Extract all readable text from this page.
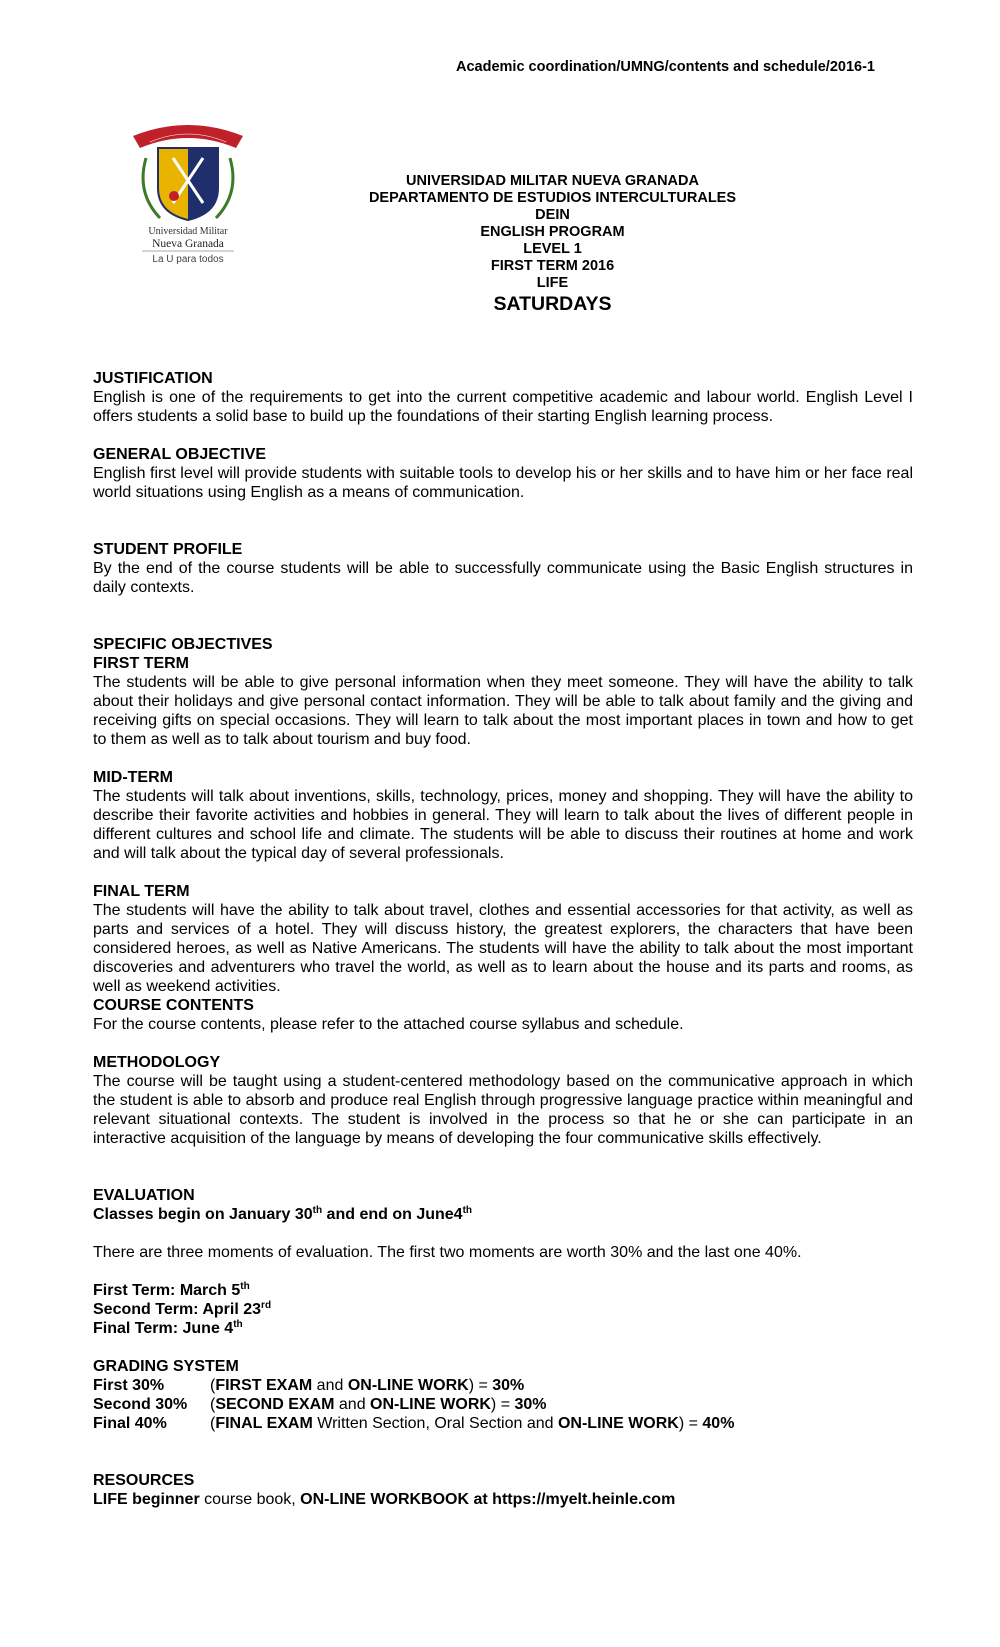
Academic coordination/UMNG/contents and schedule/2016-1
Universidad Militar
Nueva Granada
La U para todos
UNIVERSIDAD MILITAR NUEVA GRANADA
DEPARTAMENTO DE ESTUDIOS INTERCULTURALES
DEIN
ENGLISH PROGRAM
LEVEL 1
FIRST TERM 2016
LIFE
SATURDAYS
JUSTIFICATION

English is one of the requirements to get into the current competitive academic and labour world. English Level I offers students a solid base to build up the foundations of their starting English learning process.

GENERAL OBJECTIVE

English first level will provide students with suitable tools to develop his or her skills and to have him or her face real world situations using English as a means of communication.

STUDENT PROFILE

By the end of the course students will be able to successfully communicate using the Basic English structures in daily contexts.

SPECIFIC OBJECTIVES
FIRST TERM

The students will be able to give personal information when they meet someone. They will have the ability to talk about their holidays and give personal contact information. They will be able to talk about family and the giving and receiving gifts on special occasions. They will learn to talk about the most important places in town and how to get to them as well as to talk about tourism and buy food.

MID-TERM

The students will talk about inventions, skills, technology, prices, money and shopping. They will have the ability to describe their favorite activities and hobbies in general. They will learn to talk about the lives of different people in different cultures and school life and climate. The students will be able to discuss their routines at home and work and will talk about the typical day of several professionals.

FINAL TERM

The students will have the ability to talk about travel, clothes and essential accessories for that activity, as well as parts and services of a hotel. They will discuss history, the greatest explorers, the characters that have been considered heroes, as well as Native Americans. The students will have the ability to talk about the most important discoveries and adventurers who travel the world, as well as to learn about the house and its parts and rooms, as well as weekend activities.

COURSE CONTENTS

For the course contents, please refer to the attached course syllabus and schedule.

METHODOLOGY

The course will be taught using a student-centered methodology based on the communicative approach in which the student is able to absorb and produce real English through progressive language practice within meaningful and relevant situational contexts. The student is involved in the process so that he or she can participate in an interactive acquisition of the language by means of developing the four communicative skills effectively.

EVALUATION
Classes begin on January 30th and end on June4th

There are three moments of evaluation. The first two moments are worth 30% and the last one 40%.

First Term: March 5th
Second Term: April 23rd
Final Term: June 4th
GRADING SYSTEM
First 30%	(FIRST EXAM and ON-LINE WORK) = 30%
Second 30%	(SECOND EXAM and ON-LINE WORK) = 30%
Final 40%	(FINAL EXAM Written Section, Oral Section and ON-LINE WORK) = 40%
RESOURCES
LIFE beginner course book, ON-LINE WORKBOOK at https://myelt.heinle.com
